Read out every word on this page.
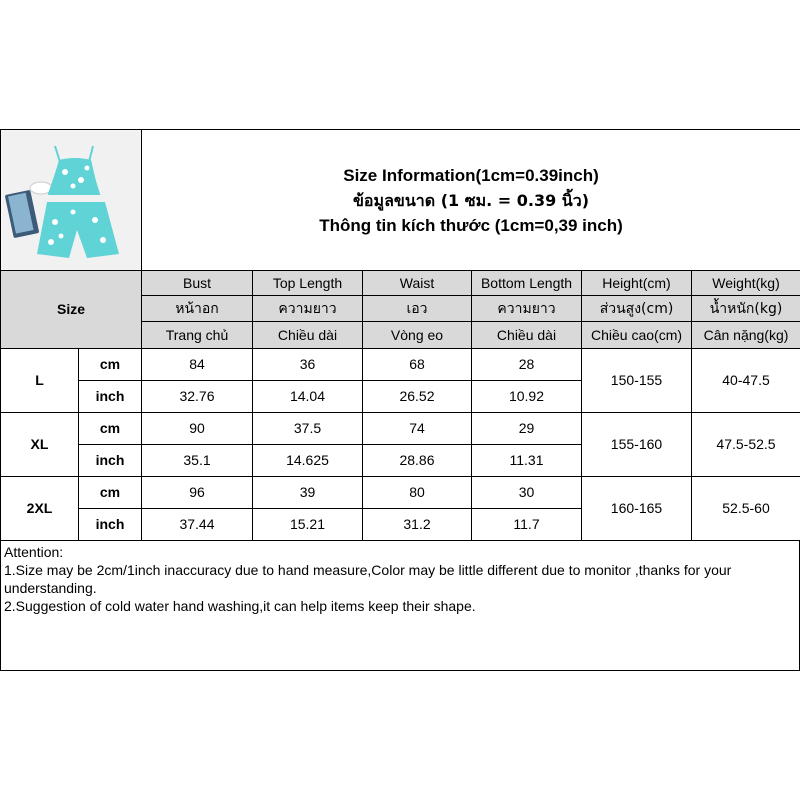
Size Information(1cm=0.39inch)
ข้อมูลขนาด (1 ซม. = 0.39 นิ้ว)
Thông tin kích thước (1cm=0,39 inch)					

Size		Bust	Top Length	Waist	Bottom Length	Height(cm)	Weight(kg)
		หน้าอก	ความยาว	เอว	ความยาว	ส่วนสูง(cm)	น้ำหนัก(kg)
		Trang chủ	Chiều dài	Vòng eo	Chiều dài	Chiều cao(cm)	Cân nặng(kg)
L	cm	84	36	68	28	150-155	40-47.5
	inch	32.76	14.04	26.52	10.92		
XL	cm	90	37.5	74	29	155-160	47.5-52.5
	inch	35.1	14.625	28.86	11.31		
2XL	cm	96	39	80	30	160-165	52.5-60
	inch	37.44	15.21	31.2	11.7		
Attention:
1.Size may be 2cm/1inch inaccuracy due to hand measure,Color may be little different due to monitor ,thanks for your understanding.
2.Suggestion of cold water hand washing,it can help items keep their shape.
